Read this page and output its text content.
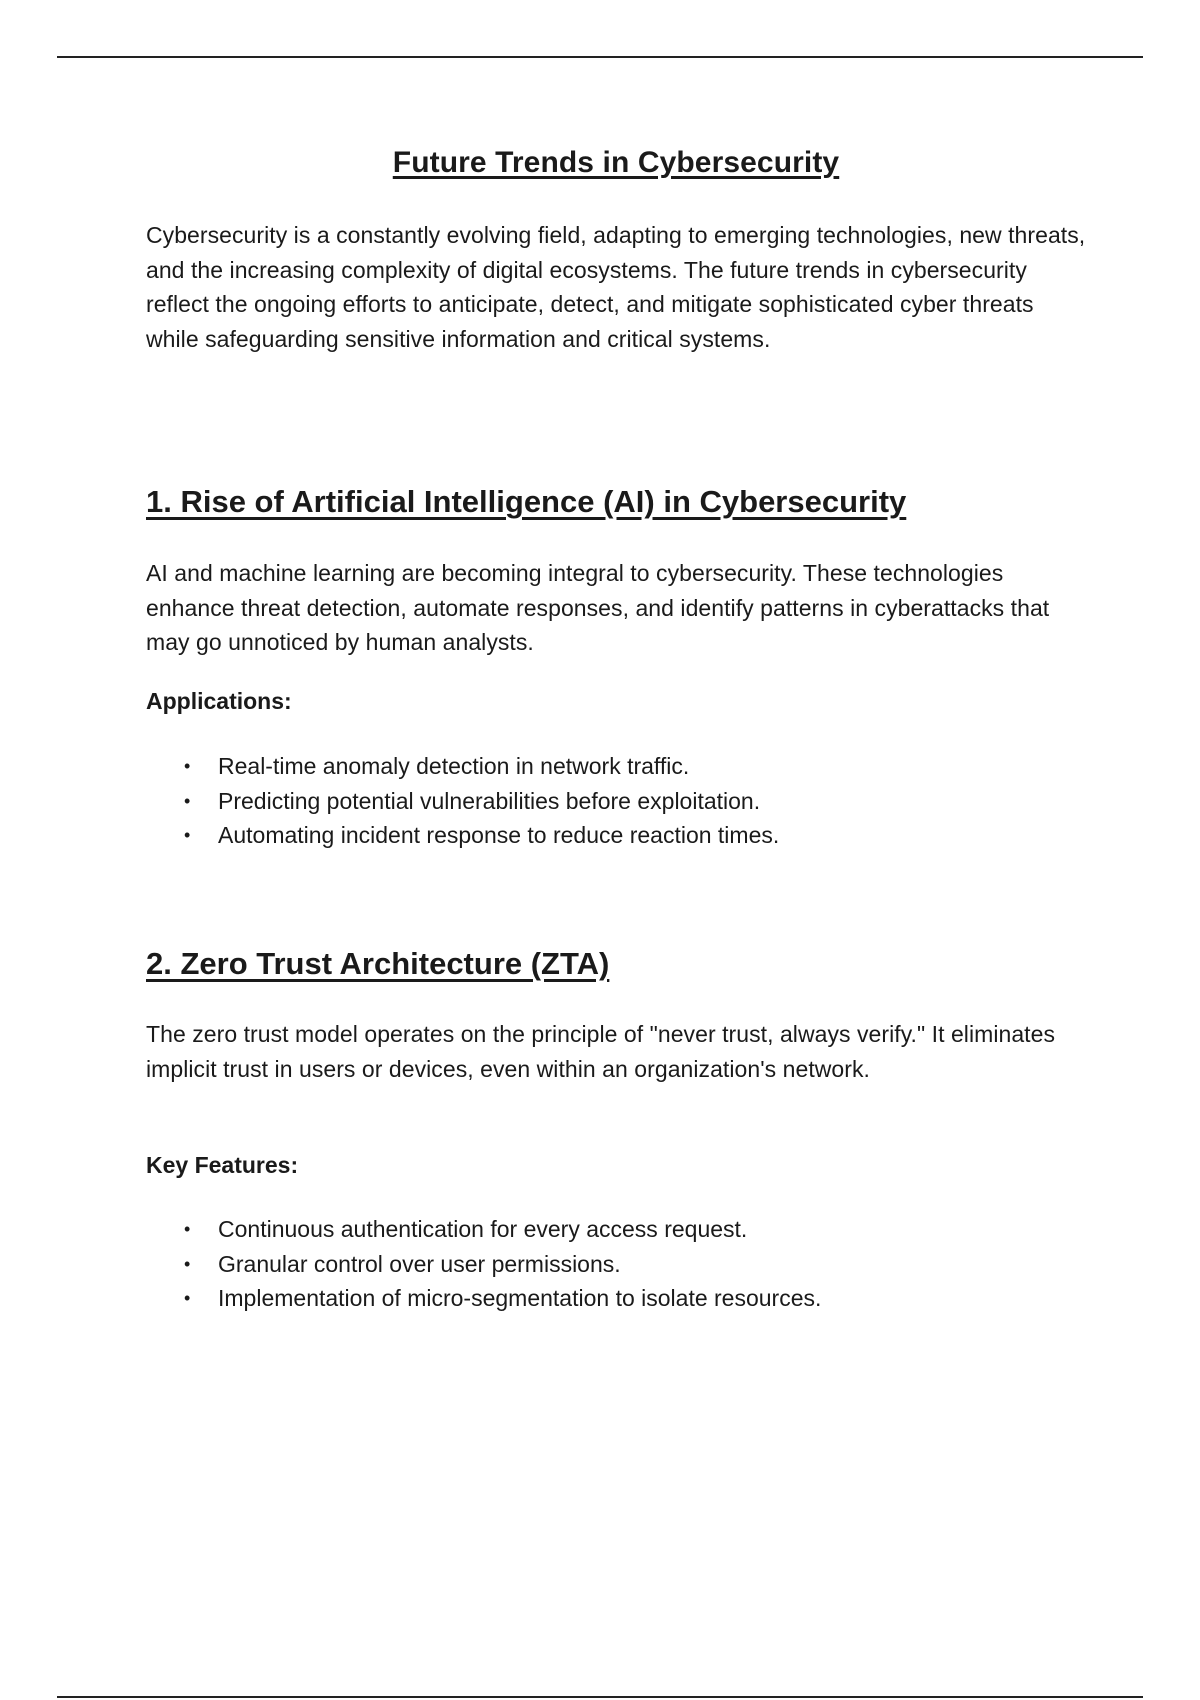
Future Trends in Cybersecurity

Cybersecurity is a constantly evolving field, adapting to emerging technologies, new threats, and the increasing complexity of digital ecosystems. The future trends in cybersecurity reflect the ongoing efforts to anticipate, detect, and mitigate sophisticated cyber threats while safeguarding sensitive information and critical systems.

1. Rise of Artificial Intelligence (AI) in Cybersecurity

AI and machine learning are becoming integral to cybersecurity. These technologies enhance threat detection, automate responses, and identify patterns in cyberattacks that may go unnoticed by human analysts.

Applications:

• Real-time anomaly detection in network traffic.
• Predicting potential vulnerabilities before exploitation.
• Automating incident response to reduce reaction times.
2. Zero Trust Architecture (ZTA)

The zero trust model operates on the principle of "never trust, always verify." It eliminates implicit trust in users or devices, even within an organization's network.

Key Features:

• Continuous authentication for every access request.
• Granular control over user permissions.
• Implementation of micro-segmentation to isolate resources.
